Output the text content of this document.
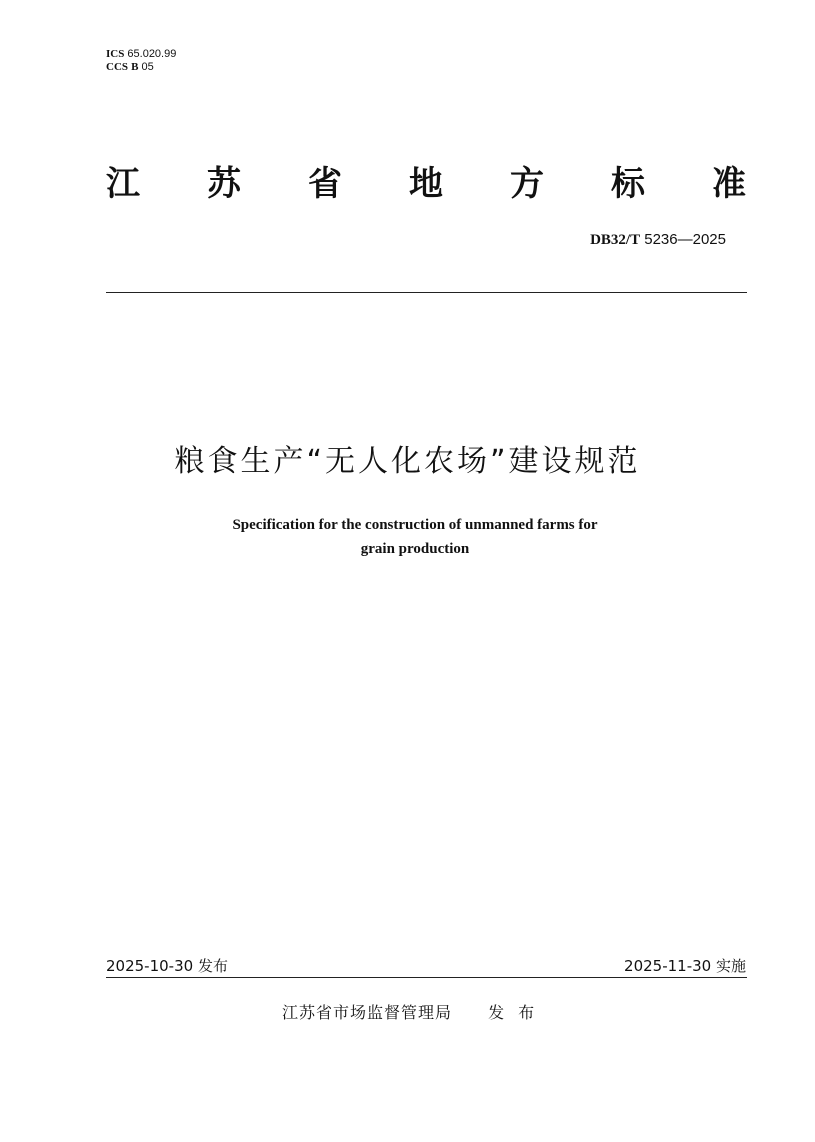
ICS 65.020.99
CCS B 05
江 苏 省 地 方 标 准
DB32/T 5236—2025
粮食生产“无人化农场”建设规范
Specification for the construction of unmanned farms for
grain production
2025-10-30 发布	2025-11-30 实施
江苏省市场监督管理局 发布
